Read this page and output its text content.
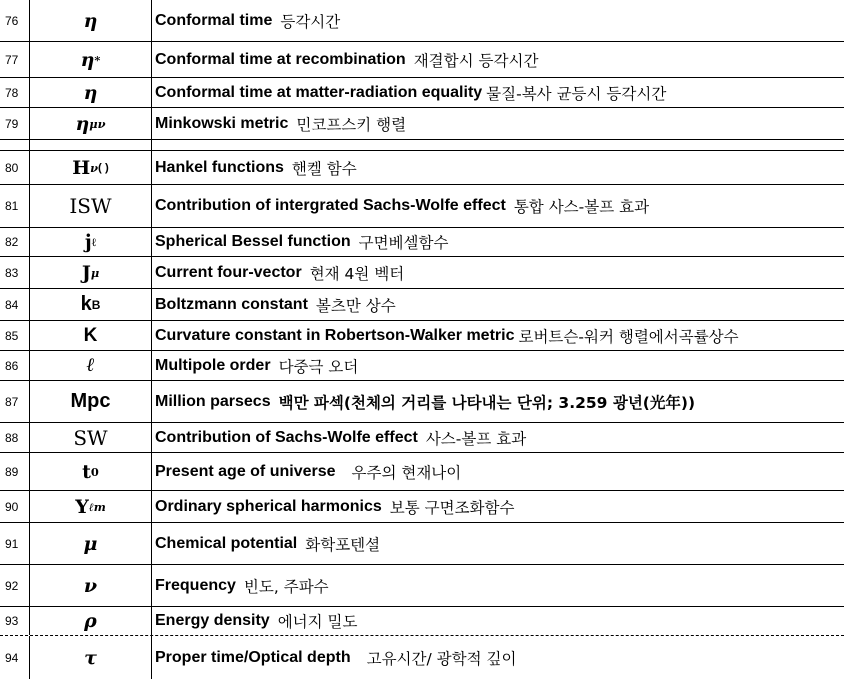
76	η	Conformal time 등각시간
77	η *	Conformal time at recombination 재결합시 등각시간
78	η	Conformal time at matter-radiation equality 물질-복사 균등시 등각시간
79	η μν	Minkowski metric 민코프스키 행렬
80	H ν ( )	Hankel functions 핸켈 함수
81	ISW	Contribution of intergrated Sachs-Wolfe effect 통합 사스-볼프 효과
82	j ℓ	Spherical Bessel function 구면베셀함수
83	J μ	Current four-vector 현재 4원 벡터
84	k B	Boltzmann constant 볼츠만 상수
85	K	Curvature constant in Robertson-Walker metric 로버트슨-워커 행렬에서곡률상수
86	ℓ	Multipole order 다중극 오더
87	Mpc	Million parsecs 백만 파섹(천체의 거리를 나타내는 단위; 3.259 광년(光年))
88	SW	Contribution of Sachs-Wolfe effect 사스-볼프 효과
89	t 0	Present age of universe 우주의 현재나이
90	Y ℓm	Ordinary spherical harmonics 보통 구면조화함수
91	μ	Chemical potential 화학포텐셜
92	ν	Frequency 빈도, 주파수
93	ρ	Energy density 에너지 밀도
94	τ	Proper time/Optical depth 고유시간/ 광학적 깊이
